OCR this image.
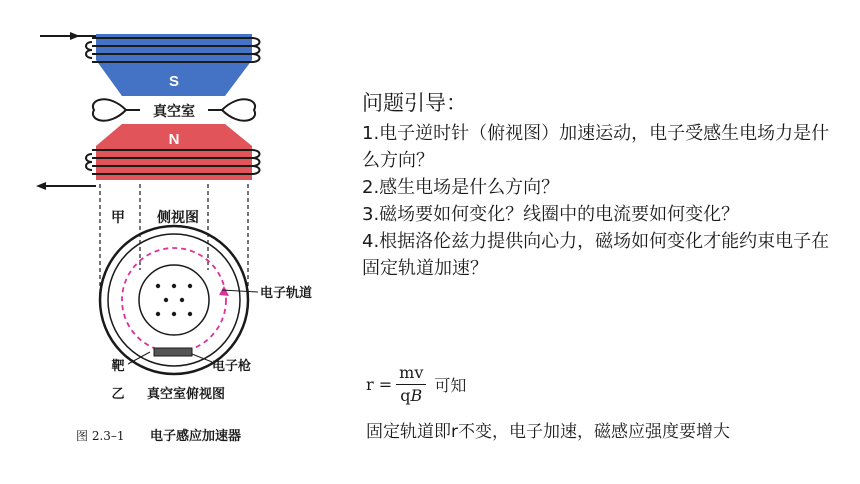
S
真空室
N
甲 侧视图
电子轨道
靶	电子枪
乙 真空室俯视图
图 2.3–1 电子感应加速器
问题引导：
1.电子逆时针（俯视图）加速运动，电子受感生电场力是什么方向？
2.感生电场是什么方向？
3.磁场要如何变化？线圈中的电流要如何变化？
4.根据洛伦兹力提供向心力，磁场如何变化才能约束电子在固定轨道加速？
$r = \frac{mv}{qB}$ 可知
固定轨道即r不变，电子加速，磁感应强度要增大
